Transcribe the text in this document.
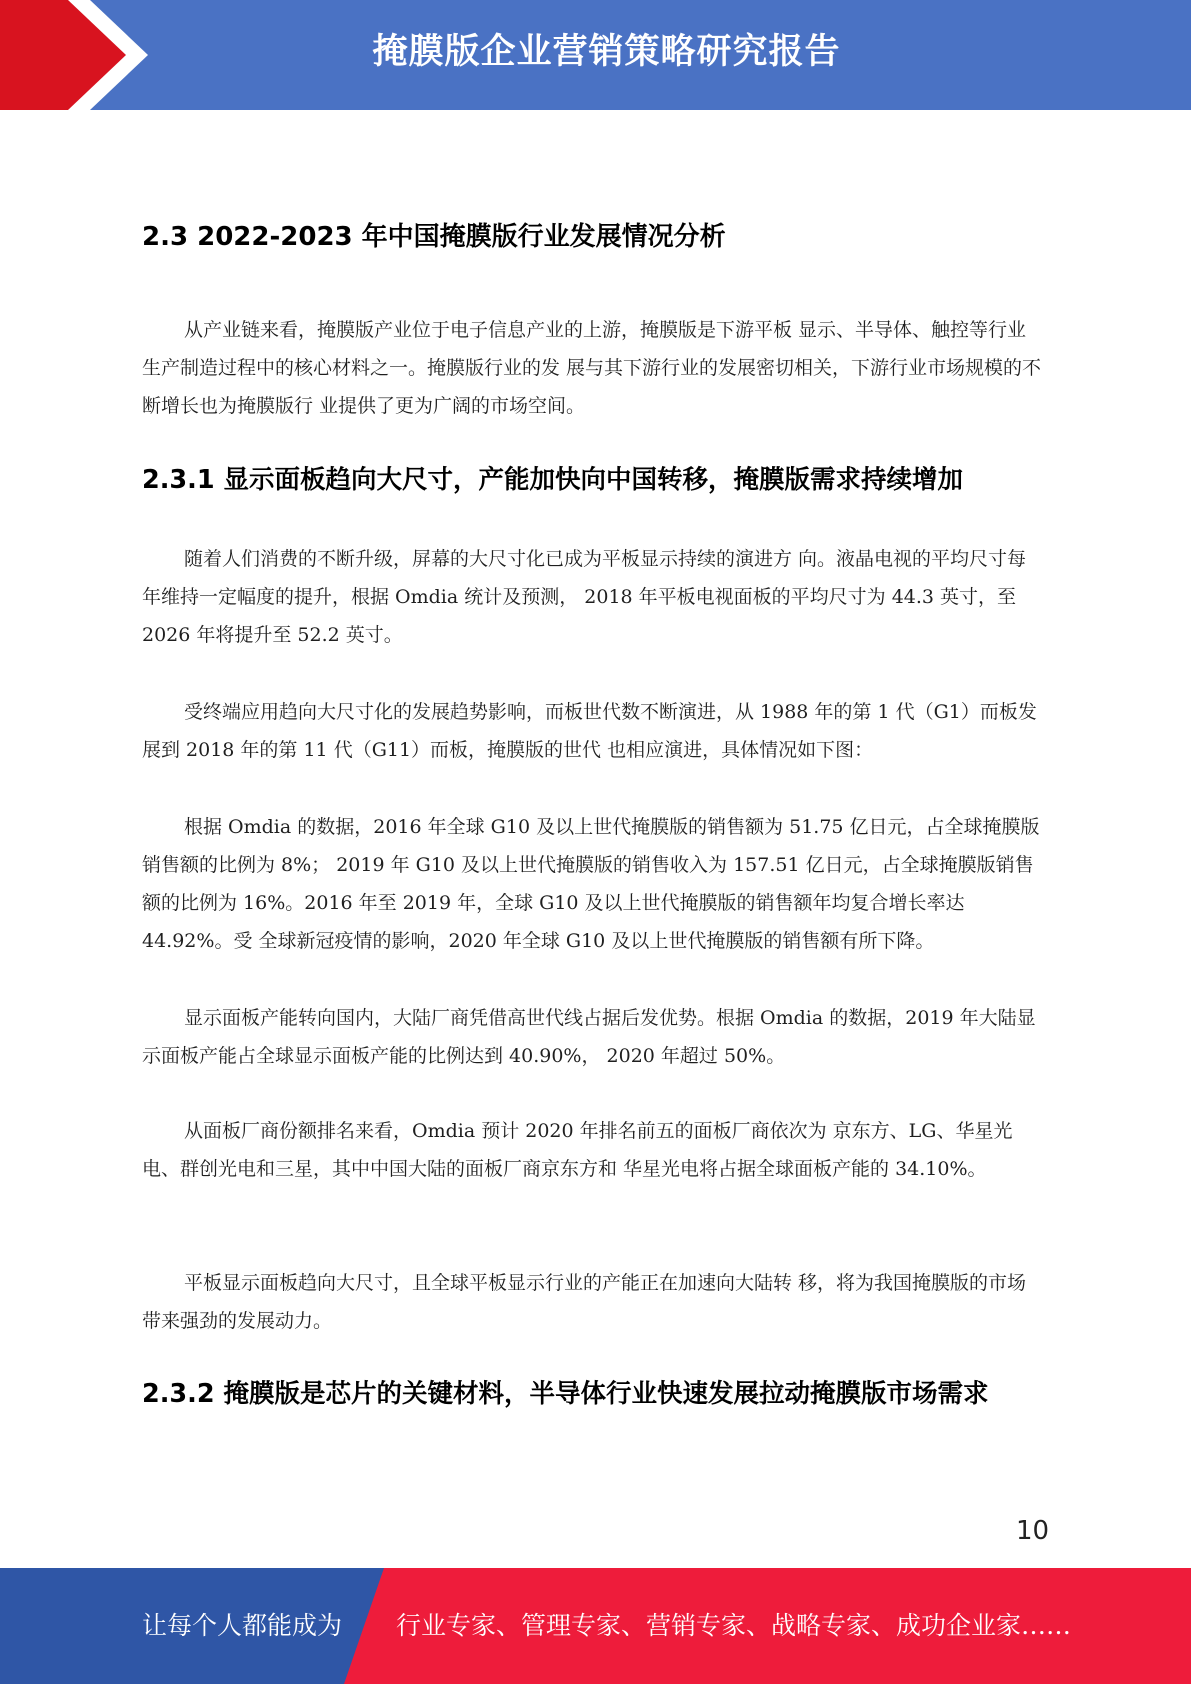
掩膜版企业营销策略研究报告
2.3 2022-2023 年中国掩膜版行业发展情况分析
从产业链来看，掩膜版产业位于电子信息产业的上游，掩膜版是下游平板 显示、半导体、触控等行业生产制造过程中的核心材料之一。掩膜版行业的发 展与其下游行业的发展密切相关，下游行业市场规模的不断增长也为掩膜版行 业提供了更为广阔的市场空间。
2.3.1 显示面板趋向大尺寸，产能加快向中国转移，掩膜版需求持续增加
随着人们消费的不断升级，屏幕的大尺寸化已成为平板显示持续的演进方 向。液晶电视的平均尺寸每年维持一定幅度的提升，根据 Omdia 统计及预测， 2018 年平板电视面板的平均尺寸为 44.3 英寸，至 2026 年将提升至 52.2 英寸。
受终端应用趋向大尺寸化的发展趋势影响，而板世代数不断演进，从 1988 年的第 1 代（G1）而板发展到 2018 年的第 11 代（G11）而板，掩膜版的世代 也相应演进，具体情况如下图：
根据 Omdia 的数据，2016 年全球 G10 及以上世代掩膜版的销售额为 51.75 亿日元，占全球掩膜版销售额的比例为 8%； 2019 年 G10 及以上世代掩膜版的销售收入为 157.51 亿日元，占全球掩膜版销售额的比例为 16%。2016 年至 2019 年，全球 G10 及以上世代掩膜版的销售额年均复合增长率达 44.92%。受 全球新冠疫情的影响，2020 年全球 G10 及以上世代掩膜版的销售额有所下降。
显示面板产能转向国内，大陆厂商凭借高世代线占据后发优势。根据 Omdia 的数据，2019 年大陆显示面板产能占全球显示面板产能的比例达到 40.90%， 2020 年超过 50%。
从面板厂商份额排名来看，Omdia 预计 2020 年排名前五的面板厂商依次为 京东方、LG、华星光电、群创光电和三星，其中中国大陆的面板厂商京东方和 华星光电将占据全球面板产能的 34.10%。
平板显示面板趋向大尺寸，且全球平板显示行业的产能正在加速向大陆转 移，将为我国掩膜版的市场带来强劲的发展动力。
2.3.2 掩膜版是芯片的关键材料，半导体行业快速发展拉动掩膜版市场需求
10
让每个人都能成为 行业专家、管理专家、营销专家、战略专家、成功企业家……
